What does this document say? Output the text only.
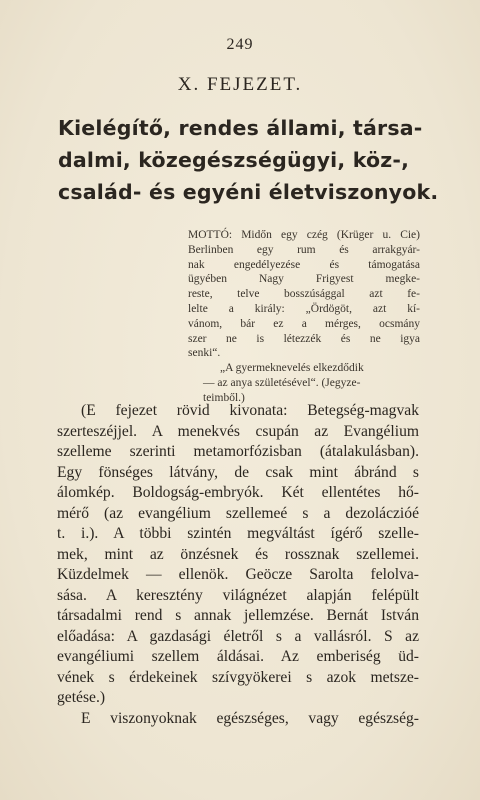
249
X. FEJEZET.
Kielégítő, rendes állami, társa-
dalmi, közegészségügyi, köz-,
család- és egyéni életviszonyok.
MOTTÓ: Midőn egy czég (Krüger u. Cie)
Berlinben egy rum és arrakgyár-
nak engedélyezése és támogatása
ügyében Nagy Frigyest megke-
reste, telve bosszúsággal azt fe-
lelte a király: „Ördögöt, azt kí-
vánom, bár ez a mérges, ocsmány
szer ne is létezzék és ne igya
senki“.
„A gyermeknevelés elkezdődik
— az anya születésével“. (Jegyze-
teimből.)
(E fejezet rövid kivonata: Betegség-magvak
szerteszéjjel. A menekvés csupán az Evangélium
szelleme szerinti metamorfózisban (átalakulásban).
Egy fönséges látvány, de csak mint ábránd s
álomkép. Boldogság-embryók. Két ellentétes hő-
mérő (az evangélium szellemeé s a dezoláczióé
t. i.). A többi szintén megváltást ígérő szelle-
mek, mint az önzésnek és rossznak szellemei.
Küzdelmek — ellenök. Geöcze Sarolta felolva-
sása. A keresztény világnézet alapján felépült
társadalmi rend s annak jellemzése. Bernát István
előadása: A gazdasági életről s a vallásról. S az
evangéliumi szellem áldásai. Az emberiség üd-
vének s érdekeinek szívgyökerei s azok metsze-
getése.)
E viszonyoknak egészséges, vagy egészség-
